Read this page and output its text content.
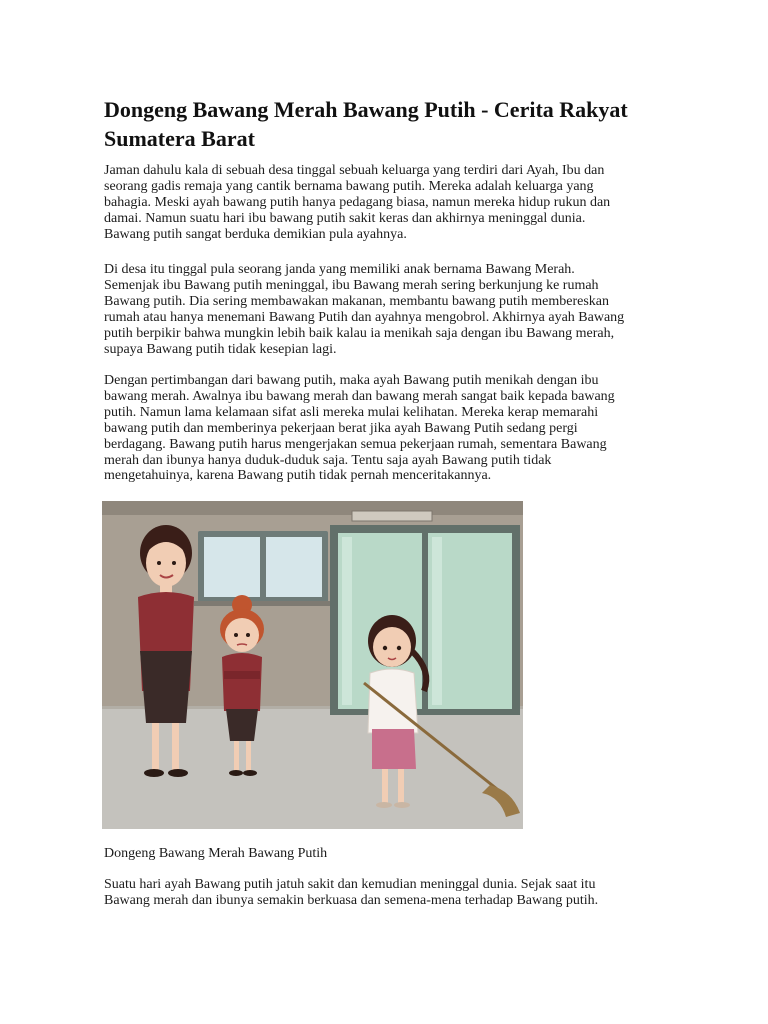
Dongeng Bawang Merah Bawang Putih - Cerita Rakyat
Sumatera Barat

Jaman dahulu kala di sebuah desa tinggal sebuah keluarga yang terdiri dari Ayah, Ibu dan
seorang gadis remaja yang cantik bernama bawang putih. Mereka adalah keluarga yang
bahagia. Meski ayah bawang putih hanya pedagang biasa, namun mereka hidup rukun dan
damai. Namun suatu hari ibu bawang putih sakit keras dan akhirnya meninggal dunia.
Bawang putih sangat berduka demikian pula ayahnya.

Di desa itu tinggal pula seorang janda yang memiliki anak bernama Bawang Merah.
Semenjak ibu Bawang putih meninggal, ibu Bawang merah sering berkunjung ke rumah
Bawang putih. Dia sering membawakan makanan, membantu bawang putih membereskan
rumah atau hanya menemani Bawang Putih dan ayahnya mengobrol. Akhirnya ayah Bawang
putih berpikir bahwa mungkin lebih baik kalau ia menikah saja dengan ibu Bawang merah,
supaya Bawang putih tidak kesepian lagi.

Dengan pertimbangan dari bawang putih, maka ayah Bawang putih menikah dengan ibu
bawang merah. Awalnya ibu bawang merah dan bawang merah sangat baik kepada bawang
putih. Namun lama kelamaan sifat asli mereka mulai kelihatan. Mereka kerap memarahi
bawang putih dan memberinya pekerjaan berat jika ayah Bawang Putih sedang pergi
berdagang. Bawang putih harus mengerjakan semua pekerjaan rumah, sementara Bawang
merah dan ibunya hanya duduk-duduk saja. Tentu saja ayah Bawang putih tidak
mengetahuinya, karena Bawang putih tidak pernah menceritakannya.

Dongeng Bawang Merah Bawang Putih

Suatu hari ayah Bawang putih jatuh sakit dan kemudian meninggal dunia. Sejak saat itu
Bawang merah dan ibunya semakin berkuasa dan semena-mena terhadap Bawang putih.
